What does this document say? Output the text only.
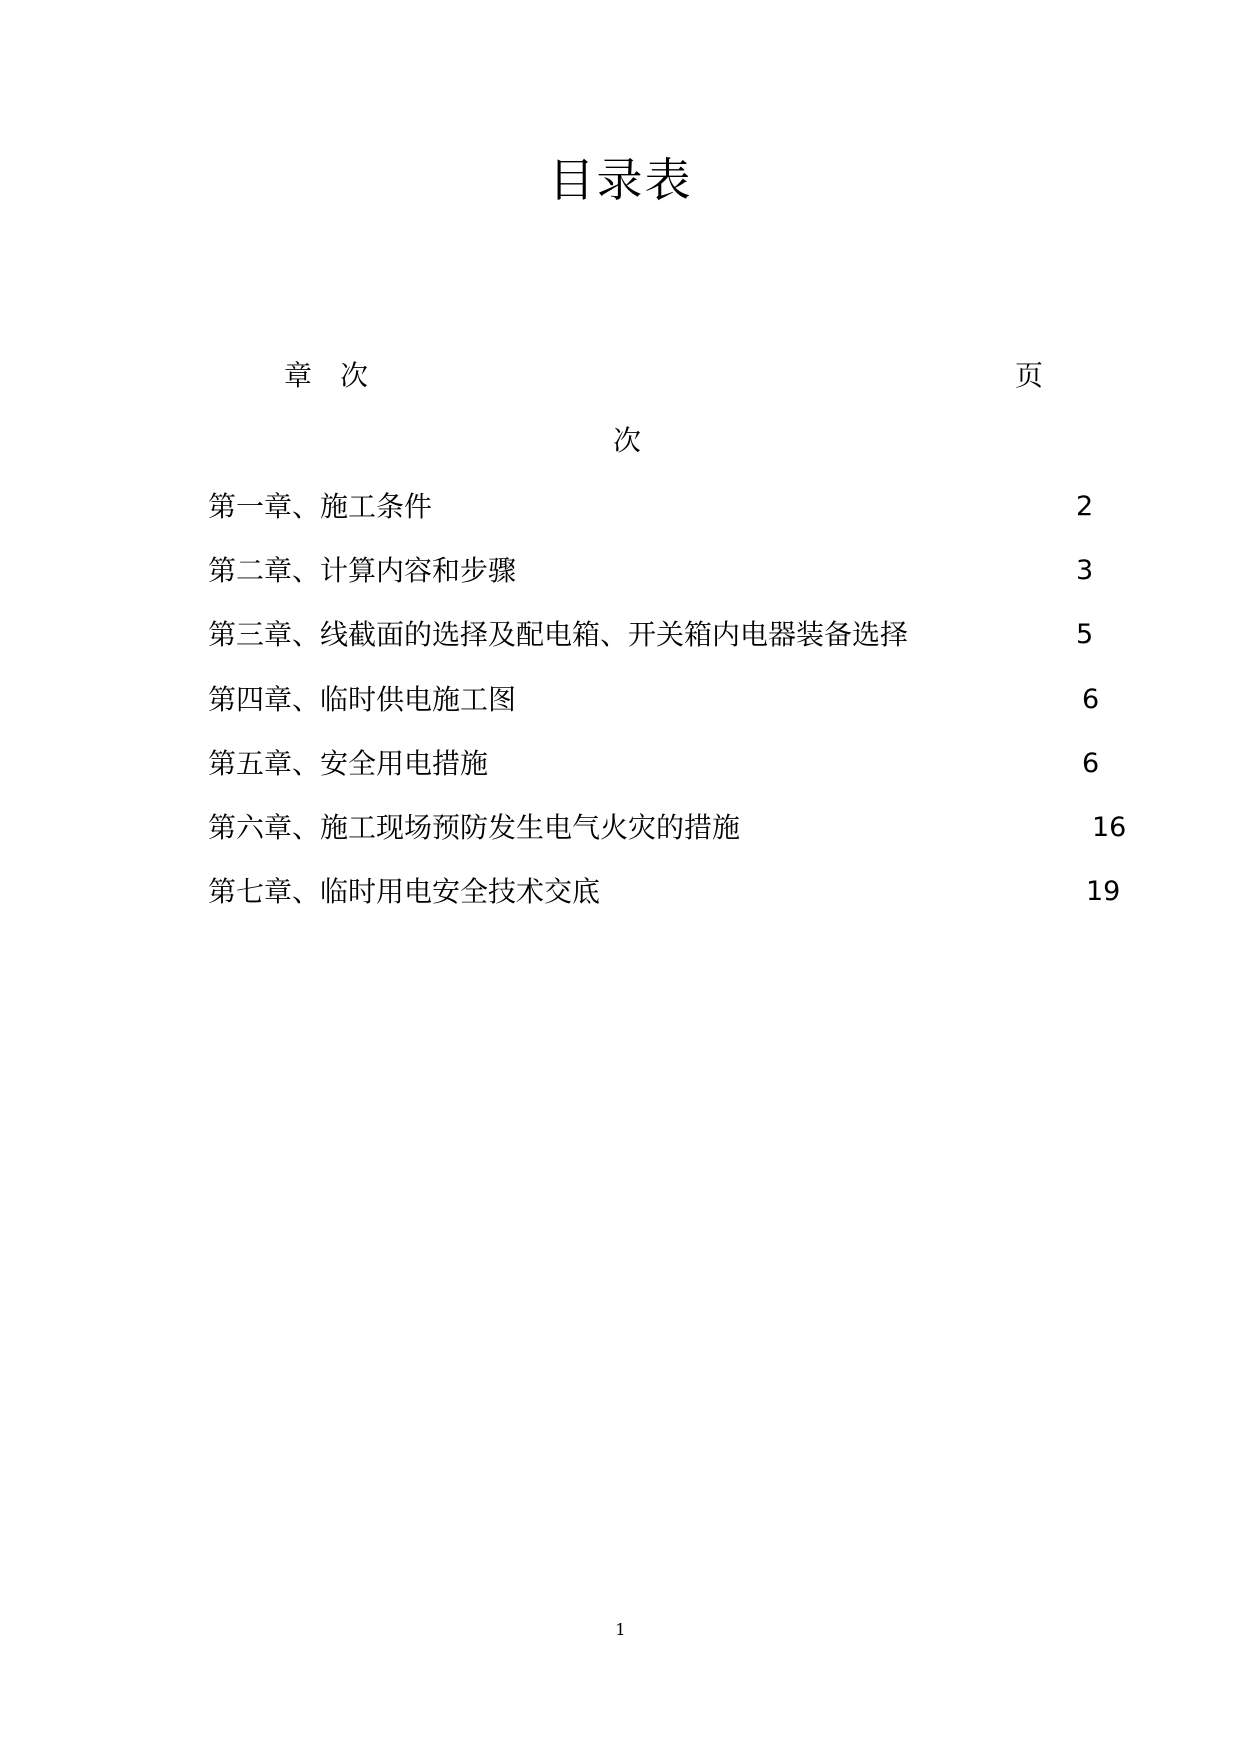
目录表
章　次	页
次
第一章、施工条件	2
第二章、计算内容和步骤	3
第三章、线截面的选择及配电箱、开关箱内电器装备选择	5
第四章、临时供电施工图	6
第五章、安全用电措施	6
第六章、施工现场预防发生电气火灾的措施	16
第七章、临时用电安全技术交底	19
1
